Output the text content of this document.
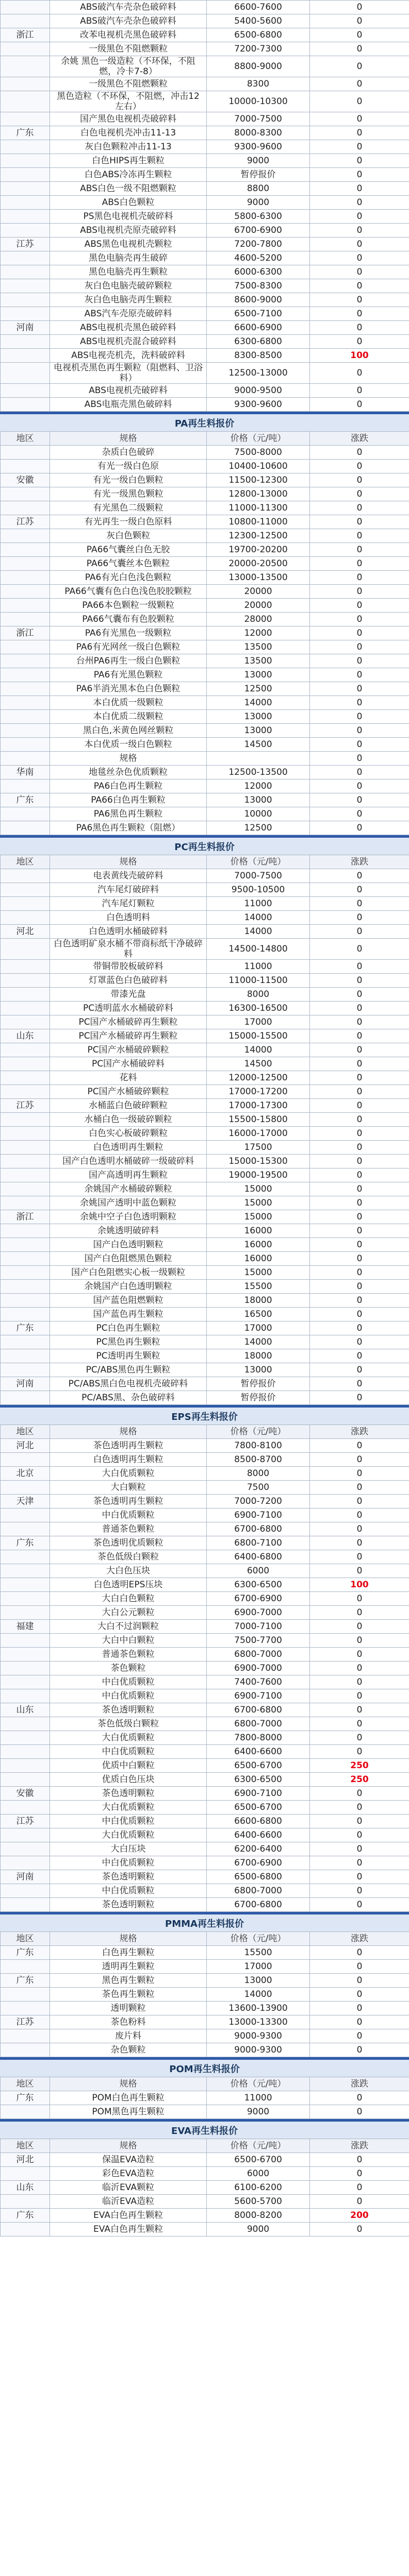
	ABS破汽车壳杂色破碎料	6600-7600	0
	ABS破汽车壳杂色破碎料	5400-5600	0
浙江	改苯电视机壳黑色破碎料	6500-6800	0
	一级黑色不阻燃颗粒	7200-7300	0
	余姚 黑色一级造粒（不环保，不阻燃，冷卡7-8）	8800-9000	0
	一级黑色不阻燃颗粒	8300	0
	黑色造粒（不环保，不阻燃，冲击12左右）	10000-10300	0
	国产黑色电视机壳破碎料	7000-7500	0
广东	白色电视机壳冲击11-13	8000-8300	0
	灰白色颗粒冲击11-13	9300-9600	0
	白色HIPS再生颗粒	9000	0
	白色ABS冷冻再生颗粒	暂停报价	0
	ABS白色一级不阻燃颗粒	8800	0
	ABS白色颗粒	9000	0
	PS黑色电视机壳破碎料	5800-6300	0
	ABS电视机壳原壳破碎料	6700-6900	0
江苏	ABS黑色电视机壳颗粒	7200-7800	0
	黑色电脑壳再生破碎	4600-5200	0
	黑色电脑壳再生颗粒	6000-6300	0
	灰白色电脑壳破碎颗粒	7500-8300	0
	灰白色电脑壳再生颗粒	8600-9000	0
	ABS汽车壳原壳破碎料	6500-7100	0
河南	ABS电视机壳黑色破碎料	6600-6900	0
	ABS电视机壳混合破碎料	6300-6800	0
	ABS电视壳机壳，洗料破碎料	8300-8500	100
	电视机壳黑色再生颗粒（阻燃料、卫浴料）	12500-13000	0
	ABS电视机壳破碎料	9000-9500	0
	ABS电瓶壳黑色破碎料	9300-9600	0
PA再生料报价
地区	规格	价格（元/吨）	涨跌
	杂质白色破碎	7500-8000	0
	有光一级白色原	10400-10600	0
安徽	有光一级白色颗粒	11500-12300	0
	有光一级黑色颗粒	12800-13000	0
	有光黑色二级颗粒	11000-11300	0
江苏	有光再生一级白色原料	10800-11000	0
	灰白色颗粒	12300-12500	0
	PA66气囊丝白色无胶	19700-20200	0
	PA66气囊丝本色颗粒	20000-20500	0
	PA6有光白色浅色颗粒	13000-13500	0
	PA66气囊有色白色浅色胶胶颗粒	20000	0
	PA66本色颗粒一级颗粒	20000	0
	PA66气囊布有色胶颗粒	28000	0
浙江	PA6有光黑色一级颗粒	12000	0
	PA6有光网丝一级白色颗粒	13500	0
	台州PA6再生一级白色颗粒	13500	0
	PA6有光黑色颗粒	13000	0
	PA6半消光黑本色白色颗粒	12500	0
	本白优质一级颗粒	14000	0
	本白优质二级颗粒	13000	0
	黑白色,米黄色网丝颗粒	13000	0
	本白优质一级白色颗粒	14500	0
	规格		0
华南	地毯丝杂色优质颗粒	12500-13500	0
	PA6白色再生颗粒	12000	0
广东	PA66白色再生颗粒	13000	0
	PA6黑色再生颗粒	10000	0
	PA6黑色再生颗粒（阻燃）	12500	0
PC再生料报价
地区	规格	价格（元/吨）	涨跌
	电表黄线壳破碎料	7000-7500	0
	汽车尾灯破碎料	9500-10500	0
	汽车尾灯颗粒	11000	0
	白色透明料	14000	0
河北	白色透明水桶破碎料	14000	0
	白色透明矿泉水桶不带商标纸干净破碎料	14500-14800	0
	带铜带胶板破碎料	11000	0
	灯罩蓝色白色破碎料	11000-11500	0
	带漆光盘	8000	0
	PC透明蓝水水桶破碎料	16300-16500	0
	PC国产水桶破碎再生颗粒	17000	0
山东	PC国产水桶破碎再生颗粒	15000-15500	0
	PC国产水桶破碎颗粒	14000	0
	PC国产水桶破碎料	14500	0
	花料	12000-12500	0
	PC国产水桶破碎颗粒	17000-17200	0
江苏	水桶蓝白色破碎颗粒	17000-17300	0
	水桶白色一级破碎颗粒	15500-15800	0
	白色实心板破碎颗粒	16000-17000	0
	白色透明再生颗粒	17500	0
	国产白色透明水桶破碎一级破碎料	15000-15300	0
	国产高透明再生颗粒	19000-19500	0
	余姚国产水桶破碎颗粒	15000	0
	余姚国产透明中蓝色颗粒	15000	0
浙江	余姚中空子白色透明颗粒	15000	0
	余姚透明破碎料	16000	0
	国产白色透明颗粒	16000	0
	国产白色阻燃黑色颗粒	16000	0
	国产白色阻燃实心板一级颗粒	15000	0
	余姚国产白色透明颗粒	15500	0
	国产蓝色阻燃颗粒	18000	0
	国产蓝色再生颗粒	16500	0
广东	PC白色再生颗粒	17000	0
	PC黑色再生颗粒	14000	0
	PC透明再生颗粒	18000	0
	PC/ABS黑色再生颗粒	13000	0
河南	PC/ABS黑白色电视机壳破碎料	暂停报价	0
	PC/ABS黑、杂色破碎料	暂停报价	0
EPS再生料报价
地区	规格	价格（元/吨）	涨跌
河北	茶色透明再生颗粒	7800-8100	0
	白色透明再生颗粒	8500-8700	0
北京	大白优质颗粒	8000	0
	大白颗粒	7500	0
天津	茶色透明再生颗粒	7000-7200	0
	中白优质颗粒	6900-7100	0
	普通茶色颗粒	6700-6800	0
广东	茶色透明优质颗粒	6800-7100	0
	茶色低级白颗粒	6400-6800	0
	大白色压块	6000	0
	白色透明EPS压块	6300-6500	100
	大白白色颗粒	6700-6900	0
	大白公元颗粒	6900-7000	0
福建	大白不过润颗粒	7000-7100	0
	大白中白颗粒	7500-7700	0
	普通茶色颗粒	6800-7000	0
	茶色颗粒	6900-7000	0
	中白优质颗粒	7400-7600	0
	中白优质颗粒	6900-7100	0
山东	茶色透明颗粒	6700-6800	0
	茶色低级白颗粒	6800-7000	0
	大白优质颗粒	7800-8000	0
	中白优质颗粒	6400-6600	0
	优质中白颗粒	6500-6700	250
	优质白色压块	6300-6500	250
安徽	茶色透明颗粒	6900-7100	0
	大白优质颗粒	6500-6700	0
江苏	中白优质颗粒	6600-6800	0
	大白优质颗粒	6400-6600	0
	大白压块	6200-6400	0
	中白优质颗粒	6700-6900	0
河南	茶色透明颗粒	6500-6800	0
	中白优质颗粒	6800-7000	0
	茶色透明颗粒	6700-6800	0
PMMA再生料报价
地区	规格	价格（元/吨）	涨跌
广东	白色再生颗粒	15500	0
	透明再生颗粒	17000	0
广东	黑色再生颗粒	13000	0
	茶色再生颗粒	14000	0
	透明颗粒	13600-13900	0
江苏	茶色粉料	13000-13300	0
	废片料	9000-9300	0
	杂色颗粒	9000-9300	0
POM再生料报价
地区	规格	价格（元/吨）	涨跌
广东	POM白色再生颗粒	11000	0
	POM黑色再生颗粒	9000	0
EVA再生料报价
地区	规格	价格（元/吨）	涨跌
河北	保温EVA造粒	6500-6700	0
	彩色EVA造粒	6000	0
山东	临沂EVA颗粒	6100-6200	0
	临沂EVA造粒	5600-5700	0
广东	EVA白色再生颗粒	8000-8200	200
	EVA白色再生颗粒	9000	0
